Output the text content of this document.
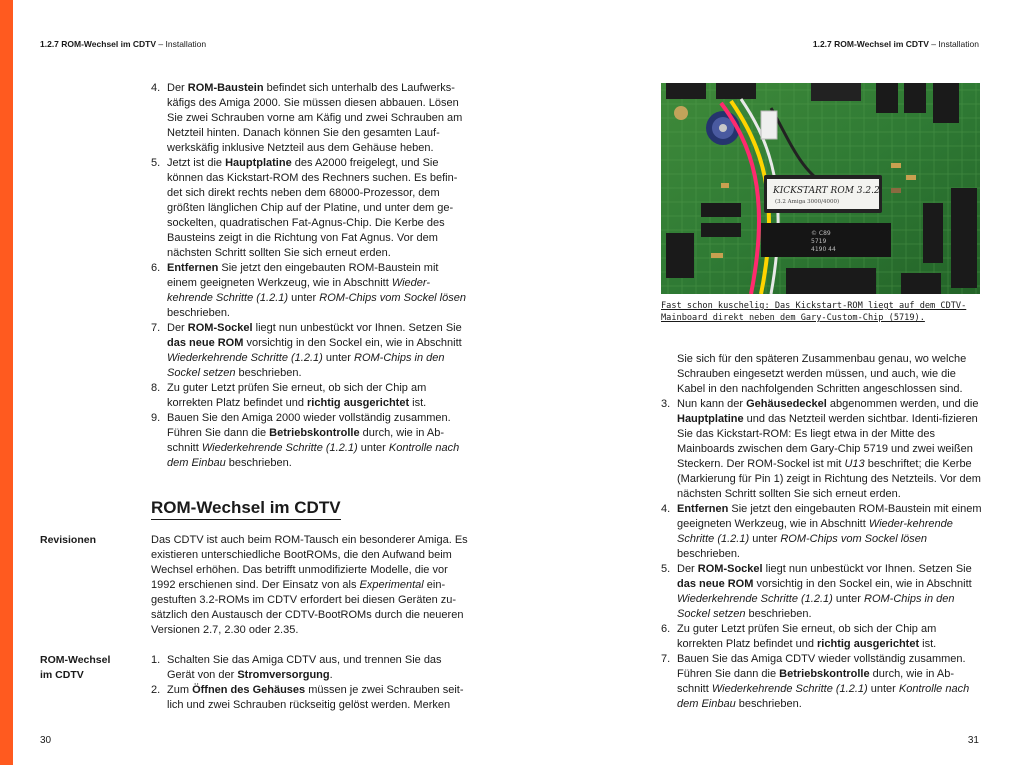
1.2.7 ROM-Wechsel im CDTV – Installation	1.2.7 ROM-Wechsel im CDTV – Installation
4. Der ROM-Baustein befindet sich unterhalb des Laufwerks-käfigs des Amiga 2000. Sie müssen diesen abbauen. Lösen Sie zwei Schrauben vorne am Käfig und zwei Schrauben am Netzteil hinten. Danach können Sie den gesamten Lauf-werkskäfig inklusive Netzteil aus dem Gehäuse heben.
5. Jetzt ist die Hauptplatine des A2000 freigelegt, und Sie können das Kickstart-ROM des Rechners suchen. Es befin-det sich direkt rechts neben dem 68000-Prozessor, dem größten länglichen Chip auf der Platine, und unter dem ge-sockelten, quadratischen Fat-Agnus-Chip. Die Kerbe des Bausteins zeigt in die Richtung von Fat Agnus. Vor dem nächsten Schritt sollten Sie sich erneut erden.
6. Entfernen Sie jetzt den eingebauten ROM-Baustein mit einem geeigneten Werkzeug, wie in Abschnitt Wieder-kehrende Schritte (1.2.1) unter ROM-Chips vom Sockel lösen beschrieben.
7. Der ROM-Sockel liegt nun unbestückt vor Ihnen. Setzen Sie das neue ROM vorsichtig in den Sockel ein, wie in Abschnitt Wiederkehrende Schritte (1.2.1) unter ROM-Chips in den Sockel setzen beschrieben.
8. Zu guter Letzt prüfen Sie erneut, ob sich der Chip am korrekten Platz befindet und richtig ausgerichtet ist.
9. Bauen Sie den Amiga 2000 wieder vollständig zusammen. Führen Sie dann die Betriebskontrolle durch, wie in Ab-schnitt Wiederkehrende Schritte (1.2.1) unter Kontrolle nach dem Einbau beschrieben.
ROM-Wechsel im CDTV
Revisionen	Das CDTV ist auch beim ROM-Tausch ein besonderer Amiga. Es existieren unterschiedliche BootROMs, die den Aufwand beim Wechsel erhöhen. Das betrifft unmodifizierte Modelle, die vor 1992 erschienen sind. Der Einsatz von als Experimental ein-gestuften 3.2-ROMs im CDTV erfordert bei diesen Geräten zu-sätzlich den Austausch der CDTV-BootROMs durch die neueren Versionen 2.7, 2.30 oder 2.35.

ROM-Wechsel
im CDTV
1. Schalten Sie das Amiga CDTV aus, und trennen Sie das Gerät von der Stromversorgung.
2. Zum Öffnen des Gehäuses müssen je zwei Schrauben seit-lich und zwei Schrauben rückseitig gelöst werden. Merken
30
KICKSTART ROM 3.2.2
(3.2 Amiga 3000/4000)
© C89
5719
4190 44

Fast schon kuschelig: Das Kickstart-ROM liegt auf dem CDTV-
Mainboard direkt neben dem Gary-Custom-Chip (5719).

Sie sich für den späteren Zusammenbau genau, wo welche Schrauben eingesetzt werden müssen, und auch, wie die Kabel in den nachfolgenden Schritten angeschlossen sind.
3. Nun kann der Gehäusedeckel abgenommen werden, und die Hauptplatine und das Netzteil werden sichtbar. Identi-fizieren Sie das Kickstart-ROM: Es liegt etwa in der Mitte des Mainboards zwischen dem Gary-Chip 5719 und zwei weißen Steckern. Der ROM-Sockel ist mit U13 beschriftet; die Kerbe (Markierung für Pin 1) zeigt in Richtung des Netzteils. Vor dem nächsten Schritt sollten Sie sich erneut erden.
4. Entfernen Sie jetzt den eingebauten ROM-Baustein mit einem geeigneten Werkzeug, wie in Abschnitt Wieder-kehrende Schritte (1.2.1) unter ROM-Chips vom Sockel lösen beschrieben.
5. Der ROM-Sockel liegt nun unbestückt vor Ihnen. Setzen Sie das neue ROM vorsichtig in den Sockel ein, wie in Abschnitt Wiederkehrende Schritte (1.2.1) unter ROM-Chips in den Sockel setzen beschrieben.
6. Zu guter Letzt prüfen Sie erneut, ob sich der Chip am korrekten Platz befindet und richtig ausgerichtet ist.
7. Bauen Sie das Amiga CDTV wieder vollständig zusammen. Führen Sie dann die Betriebskontrolle durch, wie in Ab-schnitt Wiederkehrende Schritte (1.2.1) unter Kontrolle nach dem Einbau beschrieben.
31
